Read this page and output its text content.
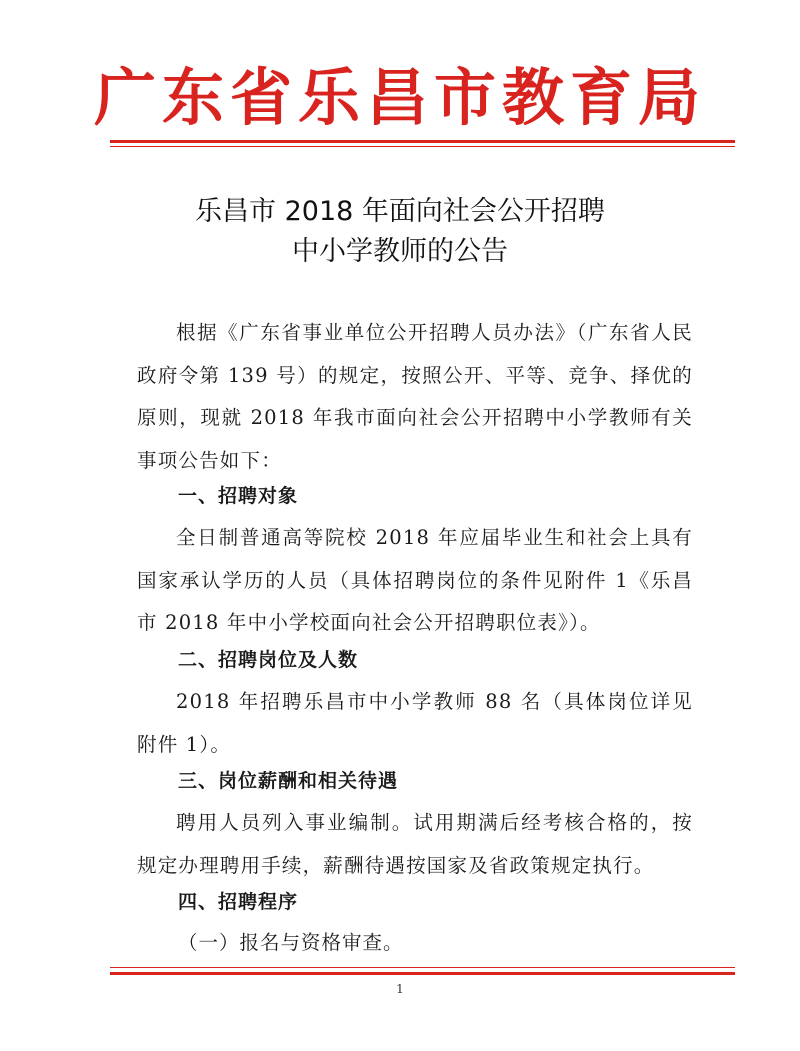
广东省乐昌市教育局
乐昌市 2018 年面向社会公开招聘
中小学教师的公告
根据《广东省事业单位公开招聘人员办法》（广东省人民政府令第 139 号）的规定，按照公开、平等、竞争、择优的原则，现就 2018 年我市面向社会公开招聘中小学教师有关事项公告如下：
一、招聘对象
全日制普通高等院校 2018 年应届毕业生和社会上具有国家承认学历的人员（具体招聘岗位的条件见附件 1《乐昌市 2018 年中小学校面向社会公开招聘职位表》）。
二、招聘岗位及人数
2018 年招聘乐昌市中小学教师 88 名（具体岗位详见附件 1）。
三、岗位薪酬和相关待遇
聘用人员列入事业编制。试用期满后经考核合格的，按规定办理聘用手续，薪酬待遇按国家及省政策规定执行。
四、招聘程序
（一）报名与资格审查。
1
